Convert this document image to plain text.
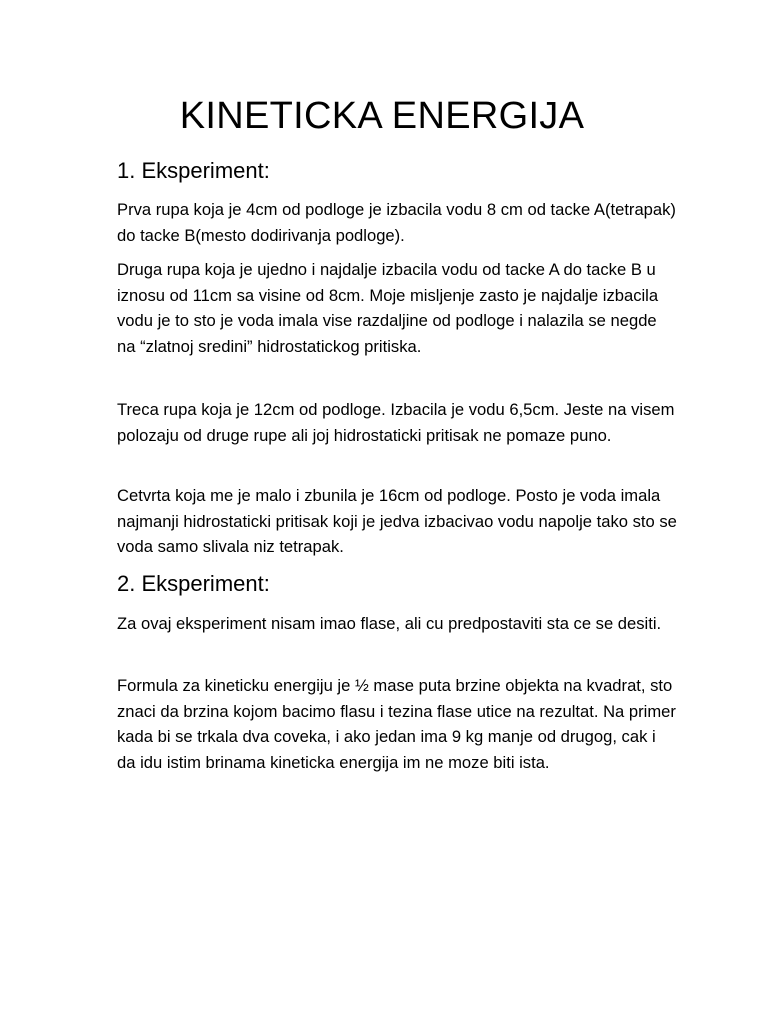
KINETICKA ENERGIJA
1. Eksperiment:

Prva rupa koja je 4cm od podloge je izbacila vodu 8 cm od tacke A(tetrapak) do tacke B(mesto dodirivanja podloge).

Druga rupa koja je ujedno i najdalje izbacila vodu od tacke A do tacke B u iznosu od 11cm sa visine od 8cm. Moje misljenje zasto je najdalje izbacila vodu je to sto je voda imala vise razdaljine od podloge i nalazila se negde na “zlatnoj sredini” hidrostatickog pritiska.

Treca rupa koja je 12cm od podloge. Izbacila je vodu 6,5cm. Jeste na visem polozaju od druge rupe ali joj hidrostaticki pritisak ne pomaze puno.

Cetvrta koja me je malo i zbunila je 16cm od podloge. Posto je voda imala najmanji hidrostaticki pritisak koji je jedva izbacivao vodu napolje tako sto se voda samo slivala niz tetrapak.

2. Eksperiment:

Za ovaj eksperiment nisam imao flase, ali cu predpostaviti sta ce se desiti.

Formula za kineticku energiju je ½ mase puta brzine objekta na kvadrat, sto znaci da brzina kojom bacimo flasu i tezina flase utice na rezultat. Na primer kada bi se trkala dva coveka, i ako jedan ima 9 kg manje od drugog, cak i da idu istim brinama kineticka energija im ne moze biti ista.
